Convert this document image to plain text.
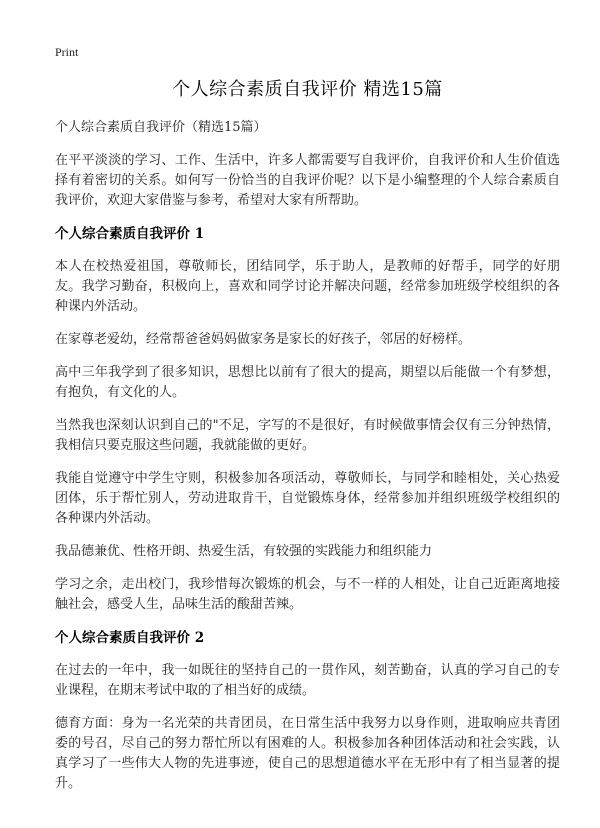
Print
个人综合素质自我评价 精选15篇
个人综合素质自我评价（精选15篇）

在平平淡淡的学习、工作、生活中，许多人都需要写自我评价，自我评价和人生价值选择有着密切的关系。如何写一份恰当的自我评价呢？以下是小编整理的个人综合素质自我评价，欢迎大家借鉴与参考，希望对大家有所帮助。

个人综合素质自我评价 1

本人在校热爱祖国，尊敬师长，团结同学，乐于助人，是教师的好帮手，同学的好朋友。我学习勤奋，积极向上，喜欢和同学讨论并解决问题，经常参加班级学校组织的各种课内外活动。

在家尊老爱幼，经常帮爸爸妈妈做家务是家长的好孩子，邻居的好榜样。

高中三年我学到了很多知识，思想比以前有了很大的提高，期望以后能做一个有梦想，有抱负，有文化的人。

当然我也深刻认识到自己的"不足，字写的不是很好，有时候做事情会仅有三分钟热情，我相信只要克服这些问题，我就能做的更好。

我能自觉遵守中学生守则，积极参加各项活动，尊敬师长，与同学和睦相处，关心热爱团体，乐于帮忙别人，劳动进取肯干，自觉锻炼身体，经常参加并组织班级学校组织的各种课内外活动。

我品德兼优、性格开朗、热爱生活，有较强的实践能力和组织能力

学习之余，走出校门，我珍惜每次锻炼的机会，与不一样的人相处，让自己近距离地接触社会，感受人生，品味生活的酸甜苦辣。

个人综合素质自我评价 2

在过去的一年中，我一如既往的坚持自己的一贯作风，刻苦勤奋，认真的学习自己的专业课程，在期末考试中取的了相当好的成绩。

德育方面：身为一名光荣的共青团员，在日常生活中我努力以身作则，进取响应共青团委的号召，尽自己的努力帮忙所以有困难的人。积极参加各种团体活动和社会实践，认真学习了一些伟大人物的先进事迹，使自己的思想道德水平在无形中有了相当显著的提升。
